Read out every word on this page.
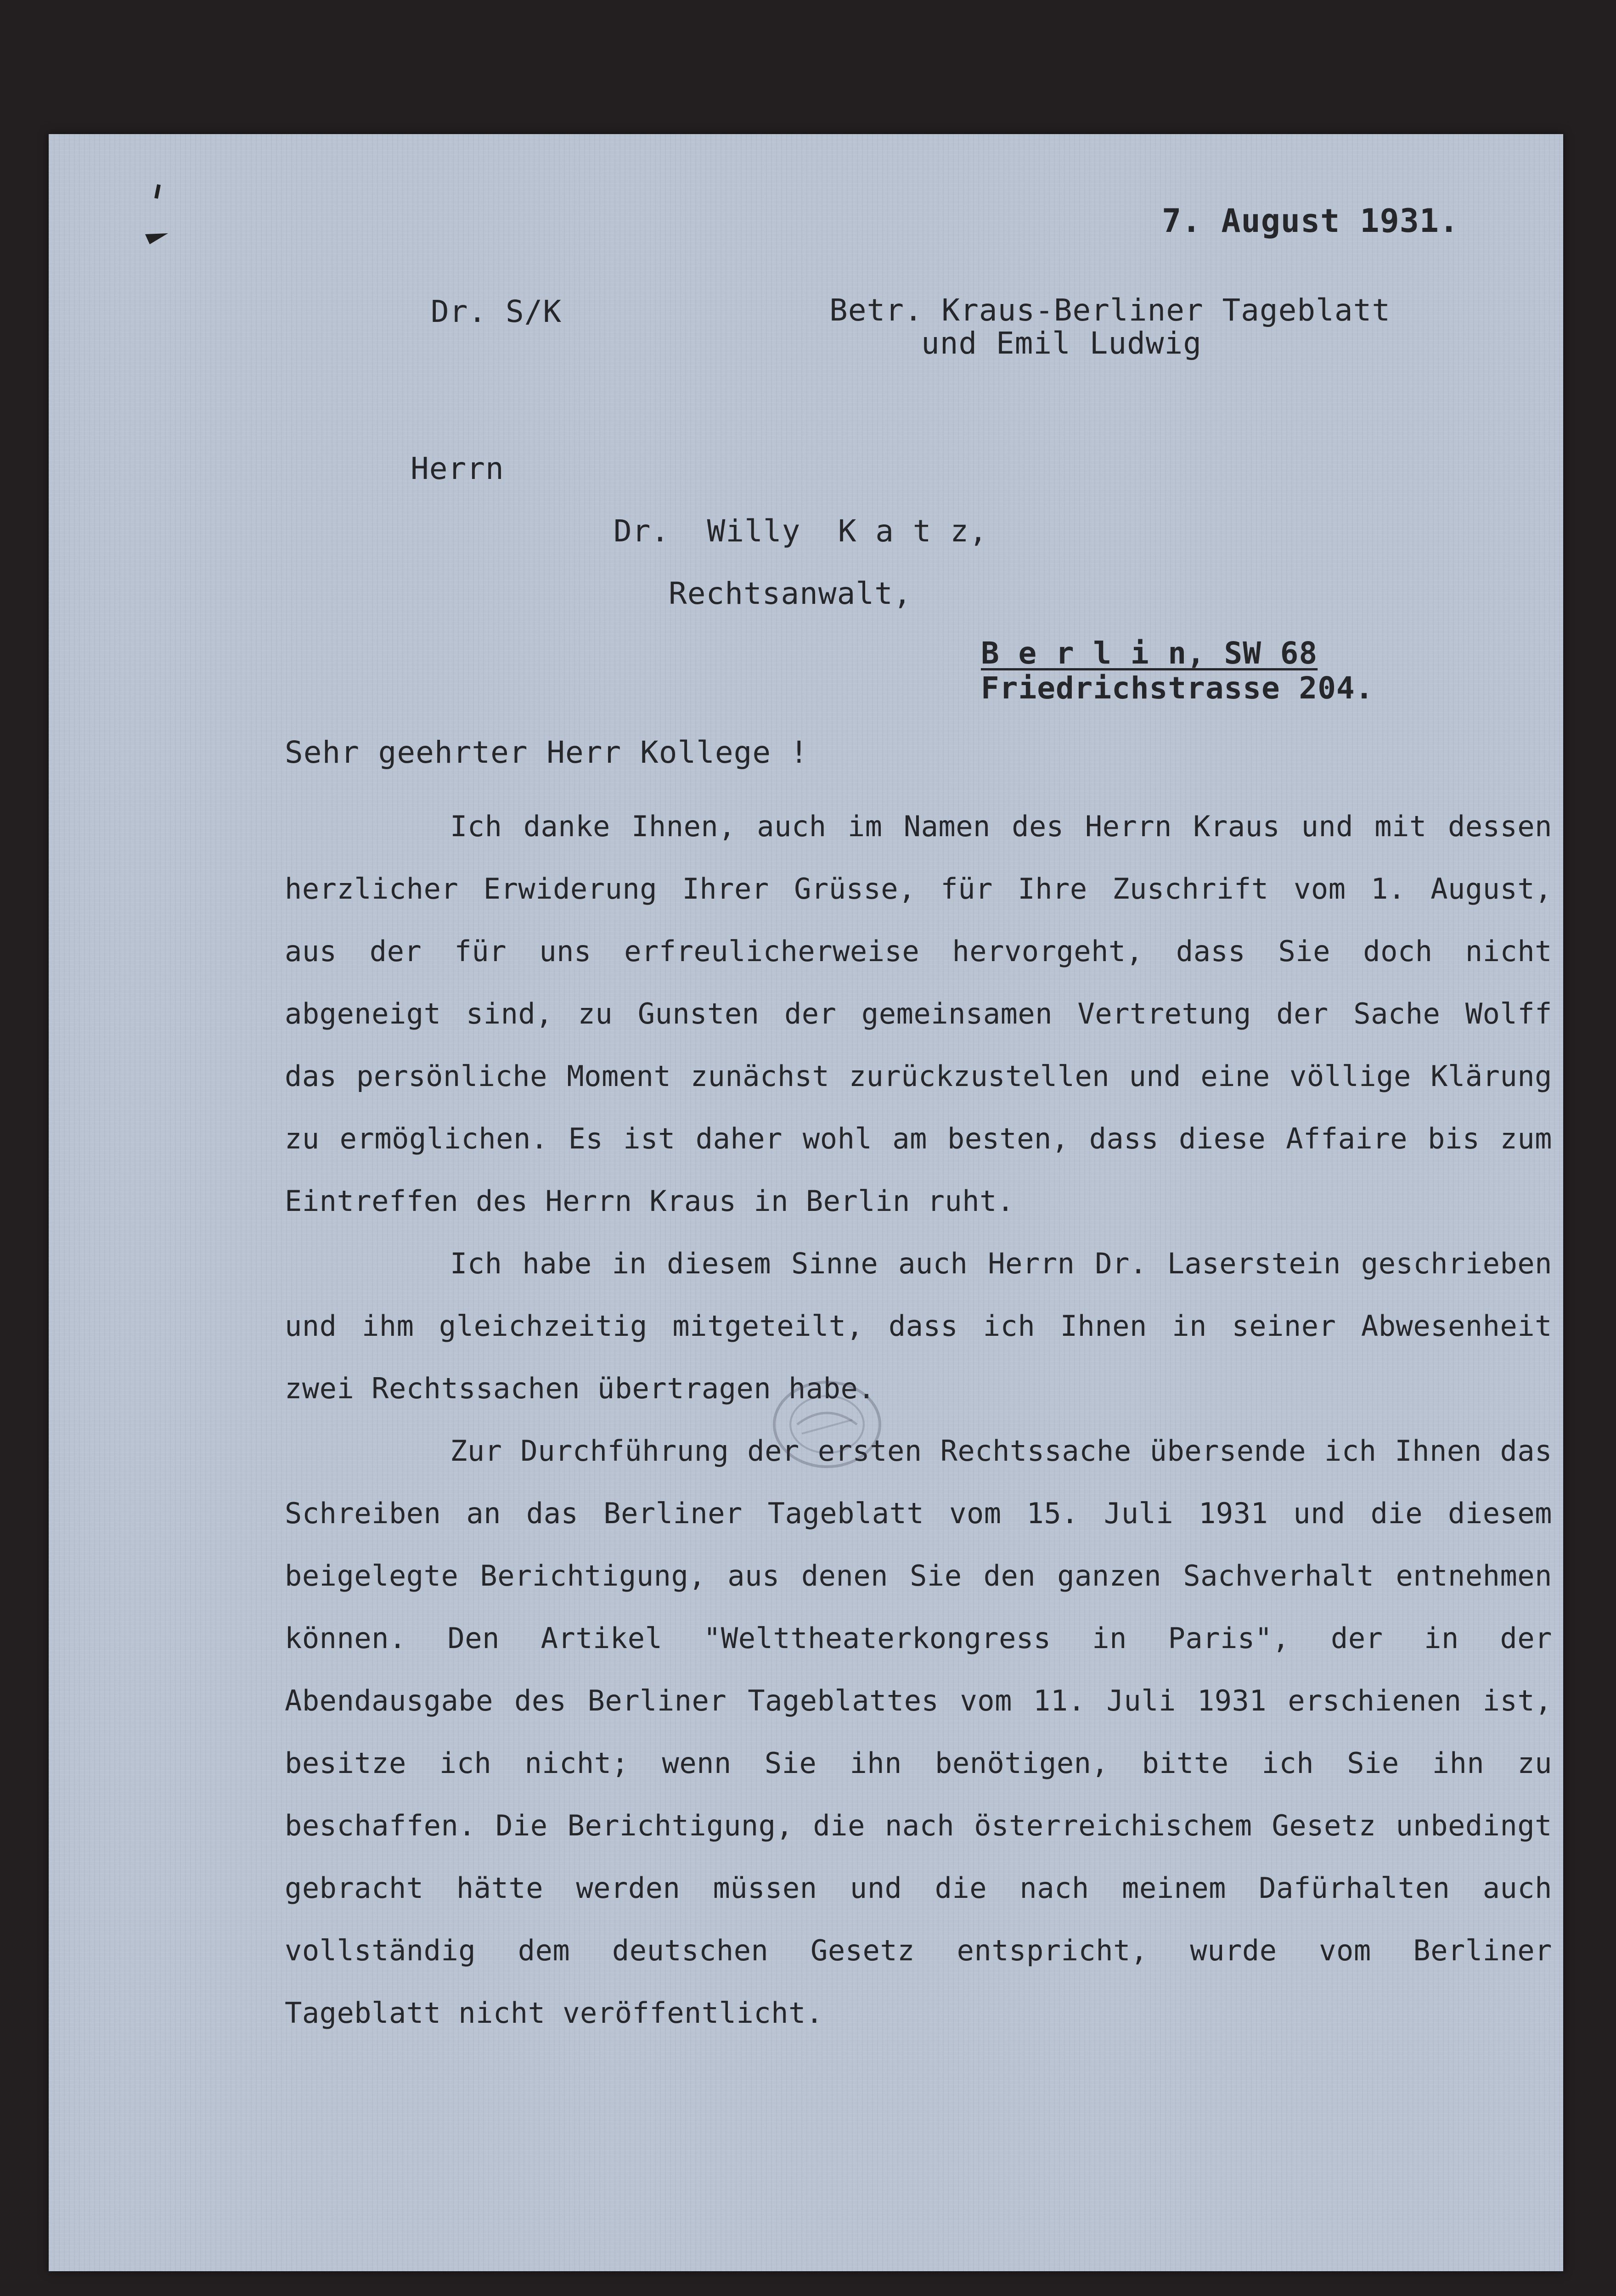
7. August 1931.
Dr. S/K	Betr. Kraus-Berliner Tageblatt
und Emil Ludwig
Herrn
Dr.  Willy  K a t z,
Rechtsanwalt,
B e r l i n, SW 68
Friedrichstrasse 204.
Sehr geehrter Herr Kollege !

Ich danke Ihnen, auch im Namen des Herrn Kraus und mit dessen herzlicher Erwiderung Ihrer Grüsse, für Ihre Zuschrift vom 1. August, aus der für uns erfreulicherweise hervorgeht, dass Sie doch nicht abgeneigt sind, zu Gunsten der gemeinsamen Vertretung der Sache Wolff das persönliche Moment zunächst zurückzustellen und eine völlige Klärung zu ermöglichen. Es ist daher wohl am besten, dass diese Affaire bis zum Eintreffen des Herrn Kraus in Berlin ruht.

Ich habe in diesem Sinne auch Herrn Dr. Laserstein geschrieben und ihm gleichzeitig mitgeteilt, dass ich Ihnen in seiner Abwesenheit zwei Rechtssachen übertragen habe.

Zur Durchführung der ersten Rechtssache übersende ich Ihnen das Schreiben an das Berliner Tageblatt vom 15. Juli 1931 und die diesem beigelegte Berichtigung, aus denen Sie den ganzen Sachverhalt entnehmen können. Den Artikel "Welttheaterkongress in Paris", der in der Abendausgabe des Berliner Tageblattes vom 11. Juli 1931 erschienen ist, besitze ich nicht; wenn Sie ihn benötigen, bitte ich Sie ihn zu beschaffen. Die Berichtigung, die nach österreichischem Gesetz unbedingt gebracht hätte werden müssen und die nach meinem Dafürhalten auch vollständig dem deutschen Gesetz entspricht, wurde vom Berliner Tageblatt nicht veröffentlicht.
